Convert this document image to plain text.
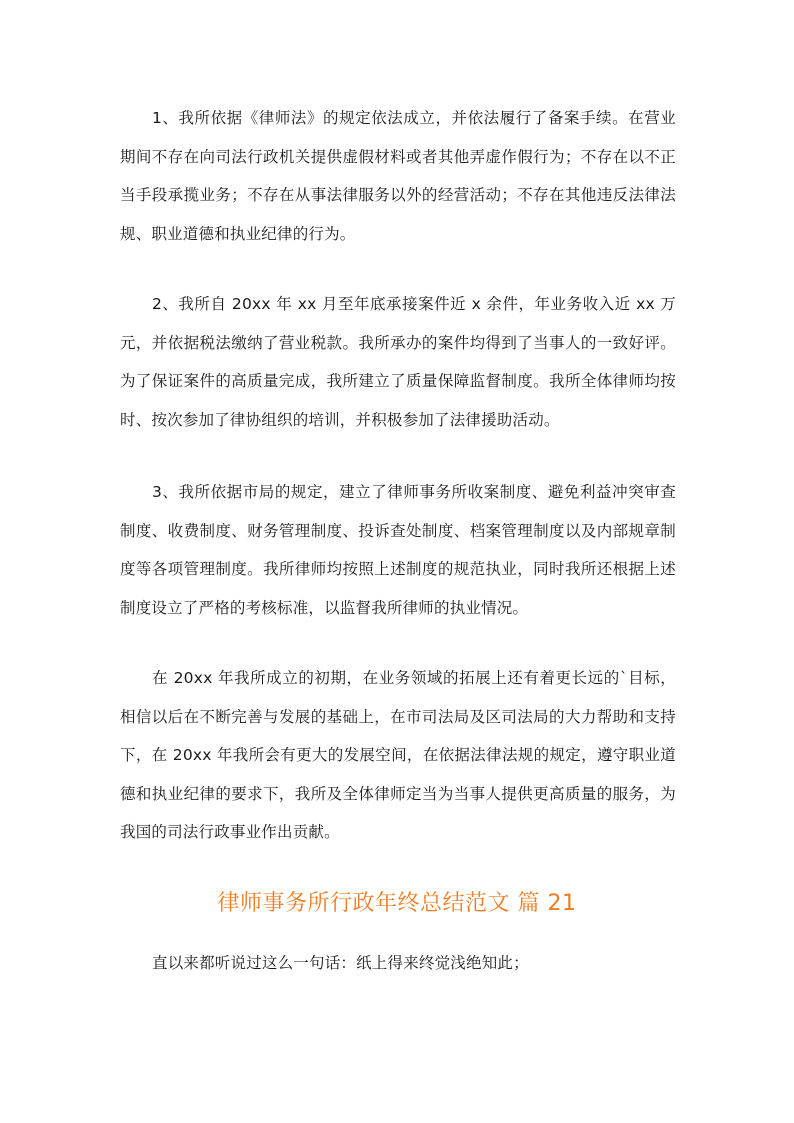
1、我所依据《律师法》的规定依法成立，并依法履行了备案手续。在营业期间不存在向司法行政机关提供虚假材料或者其他弄虚作假行为；不存在以不正当手段承揽业务；不存在从事法律服务以外的经营活动；不存在其他违反法律法规、职业道德和执业纪律的行为。

2、我所自 20xx 年 xx 月至年底承接案件近 x 余件，年业务收入近 xx 万元，并依据税法缴纳了营业税款。我所承办的案件均得到了当事人的一致好评。为了保证案件的高质量完成，我所建立了质量保障监督制度。我所全体律师均按时、按次参加了律协组织的培训，并积极参加了法律援助活动。

3、我所依据市局的规定，建立了律师事务所收案制度、避免利益冲突审查制度、收费制度、财务管理制度、投诉查处制度、档案管理制度以及内部规章制度等各项管理制度。我所律师均按照上述制度的规范执业，同时我所还根据上述制度设立了严格的考核标准，以监督我所律师的执业情况。

在 20xx 年我所成立的初期，在业务领域的拓展上还有着更长远的`目标，相信以后在不断完善与发展的基础上，在市司法局及区司法局的大力帮助和支持下，在 20xx 年我所会有更大的发展空间，在依据法律法规的规定，遵守职业道德和执业纪律的要求下，我所及全体律师定当为当事人提供更高质量的服务，为我国的司法行政事业作出贡献。

律师事务所行政年终总结范文 篇 21

直以来都听说过这么一句话：纸上得来终觉浅绝知此；
